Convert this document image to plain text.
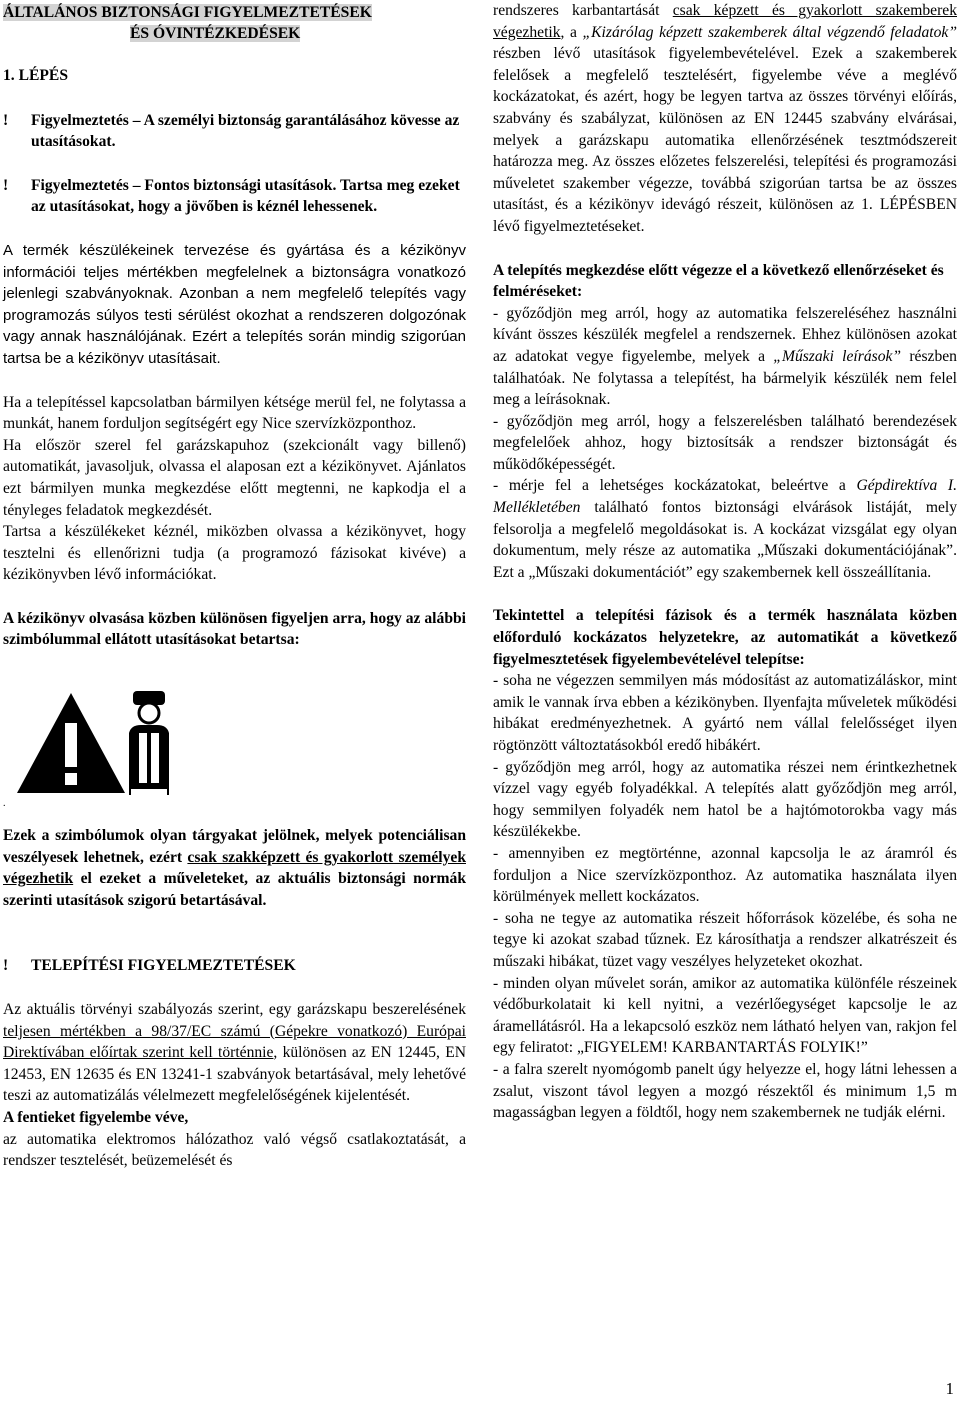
ÁLTALÁNOS BIZTONSÁGI FIGYELMEZTETÉSEK
ÉS ÓVINTÉZKEDÉSEK

1. LÉPÉS

!	Figyelmeztetés – A személyi biztonság garantálásához kövesse az utasításokat.
!	Figyelmeztetés – Fontos biztonsági utasítások. Tartsa meg ezeket az utasításokat, hogy a jövőben is kéznél lehessenek.

A termék készülékeinek tervezése és gyártása és a kézikönyv információi teljes mértékben megfelelnek a biztonságra vonatkozó jelenlegi szabványoknak. Azonban a nem megfelelő telepítés vagy programozás súlyos testi sérülést okozhat a rendszeren dolgozónak vagy annak használójának. Ezért a telepítés során mindig szigorúan tartsa be a kézikönyv utasításait.

Ha a telepítéssel kapcsolatban bármilyen kétsége merül fel, ne folytassa a munkát, hanem forduljon segítségért egy Nice szervízközponthoz.

Ha először szerel fel garázskapuhoz (szekcionált vagy billenő) automatikát, javasoljuk, olvassa el alaposan ezt a kézikönyvet. Ajánlatos ezt bármilyen munka megkezdése előtt megtenni, ne kapkodja el a tényleges feladatok megkezdését.

Tartsa a készülékeket kéznél, miközben olvassa a kézikönyvet, hogy tesztelni és ellenőrizni tudja (a programozó fázisokat kivéve) a kézikönyvben lévő információkat.

A kézikönyv olvasása közben különösen figyeljen arra, hogy az alábbi szimbólummal ellátott utasításokat betartsa:

.

Ezek a szimbólumok olyan tárgyakat jelölnek, melyek potenciálisan veszélyesek lehetnek, ezért csak szakképzett és gyakorlott személyek végezhetik el ezeket a műveleteket, az aktuális biztonsági normák szerinti utasítások szigorú betartásával.

!	TELEPÍTÉSI FIGYELMEZTETÉSEK

Az aktuális törvényi szabályozás szerint, egy garázskapu beszerelésének teljesen mértékben a 98/37/EC számú (Gépekre vonatkozó) Európai Direktívában előírtak szerint kell történnie, különösen az EN 12445, EN 12453, EN 12635 és EN 13241-1 szabványok betartásával, mely lehetővé teszi az automatizálás vélelmezett megfelelőségének kijelentését.

A fentieket figyelembe véve,

az automatika elektromos hálózathoz való végső csatlakoztatását, a rendszer tesztelését, beüzemelését és

rendszeres karbantartását csak képzett és gyakorlott szakemberek végezhetik, a „Kizárólag képzett szakemberek által végzendő feladatok” részben lévő utasítások figyelembevételével. Ezek a szakemberek felelősek a megfelelő tesztelésért, figyelembe véve a meglévő kockázatokat, és azért, hogy be legyen tartva az összes törvényi előírás, szabvány és szabályzat, különösen az EN 12445 szabvány elvárásai, melyek a garázskapu automatika ellenőrzésének tesztmódszereit határozza meg. Az összes előzetes felszerelési, telepítési és programozási műveletet szakember végezze, továbbá szigorúan tartsa be az összes utasítást, és a kézikönyv idevágó részeit, különösen az 1. LÉPÉSBEN lévő figyelmeztetéseket.

A telepítés megkezdése előtt végezze el a következő ellenőrzéseket és felméréseket:

- győződjön meg arról, hogy az automatika felszereléséhez használni kívánt összes készülék megfelel a rendszernek. Ehhez különösen azokat az adatokat vegye figyelembe, melyek a „Műszaki leírások” részben találhatóak. Ne folytassa a telepítést, ha bármelyik készülék nem felel meg a leírásoknak.

- győződjön meg arról, hogy a felszerelésben található berendezések megfelelőek ahhoz, hogy biztosítsák a rendszer biztonságát és működőképességét.

- mérje fel a lehetséges kockázatokat, beleértve a Gépdirektíva I. Mellékletében található fontos biztonsági elvárások listáját, mely felsorolja a megfelelő megoldásokat is. A kockázat vizsgálat egy olyan dokumentum, mely része az automatika „Műszaki dokumentációjának”. Ezt a „Műszaki dokumentációt” egy szakembernek kell összeállítania.

Tekintettel a telepítési fázisok és a termék használata közben előforduló kockázatos helyzetekre, az automatikát a következő figyelmesztetések figyelembevételével telepítse:

- soha ne végezzen semmilyen más módosítást az automatizáláskor, mint amik le vannak írva ebben a kézikönyben. Ilyenfajta műveletek működési hibákat eredményezhetnek. A gyártó nem vállal felelősséget ilyen rögtönzött változtatásokból eredő hibákért.

- győződjön meg arról, hogy az automatika részei nem érintkezhetnek vízzel vagy egyéb folyadékkal. A telepítés alatt győződjön meg arról, hogy semmilyen folyadék nem hatol be a hajtómotorokba vagy más készülékekbe.

- amennyiben ez megtörténne, azonnal kapcsolja le az áramról és forduljon a Nice szervízközponthoz. Az automatika használata ilyen körülmények mellett kockázatos.

- soha ne tegye az automatika részeit hőforrások közelébe, és soha ne tegye ki azokat szabad tűznek. Ez károsíthatja a rendszer alkatrészeit és műszaki hibákat, tüzet vagy veszélyes helyzeteket okozhat.

- minden olyan művelet során, amikor az automatika különféle részeinek védőburkolatait ki kell nyitni, a vezérlőegységet kapcsolje le az áramellátásról. Ha a lekapcsoló eszköz nem látható helyen van, rakjon fel egy feliratot: „FIGYELEM! KARBANTARTÁS FOLYIK!”

- a falra szerelt nyomógomb panelt úgy helyezze el, hogy látni lehessen a zsalut, viszont távol legyen a mozgó részektől és minimum 1,5 m magasságban legyen a földtől, hogy nem szakembernek ne tudják elérni.

1
